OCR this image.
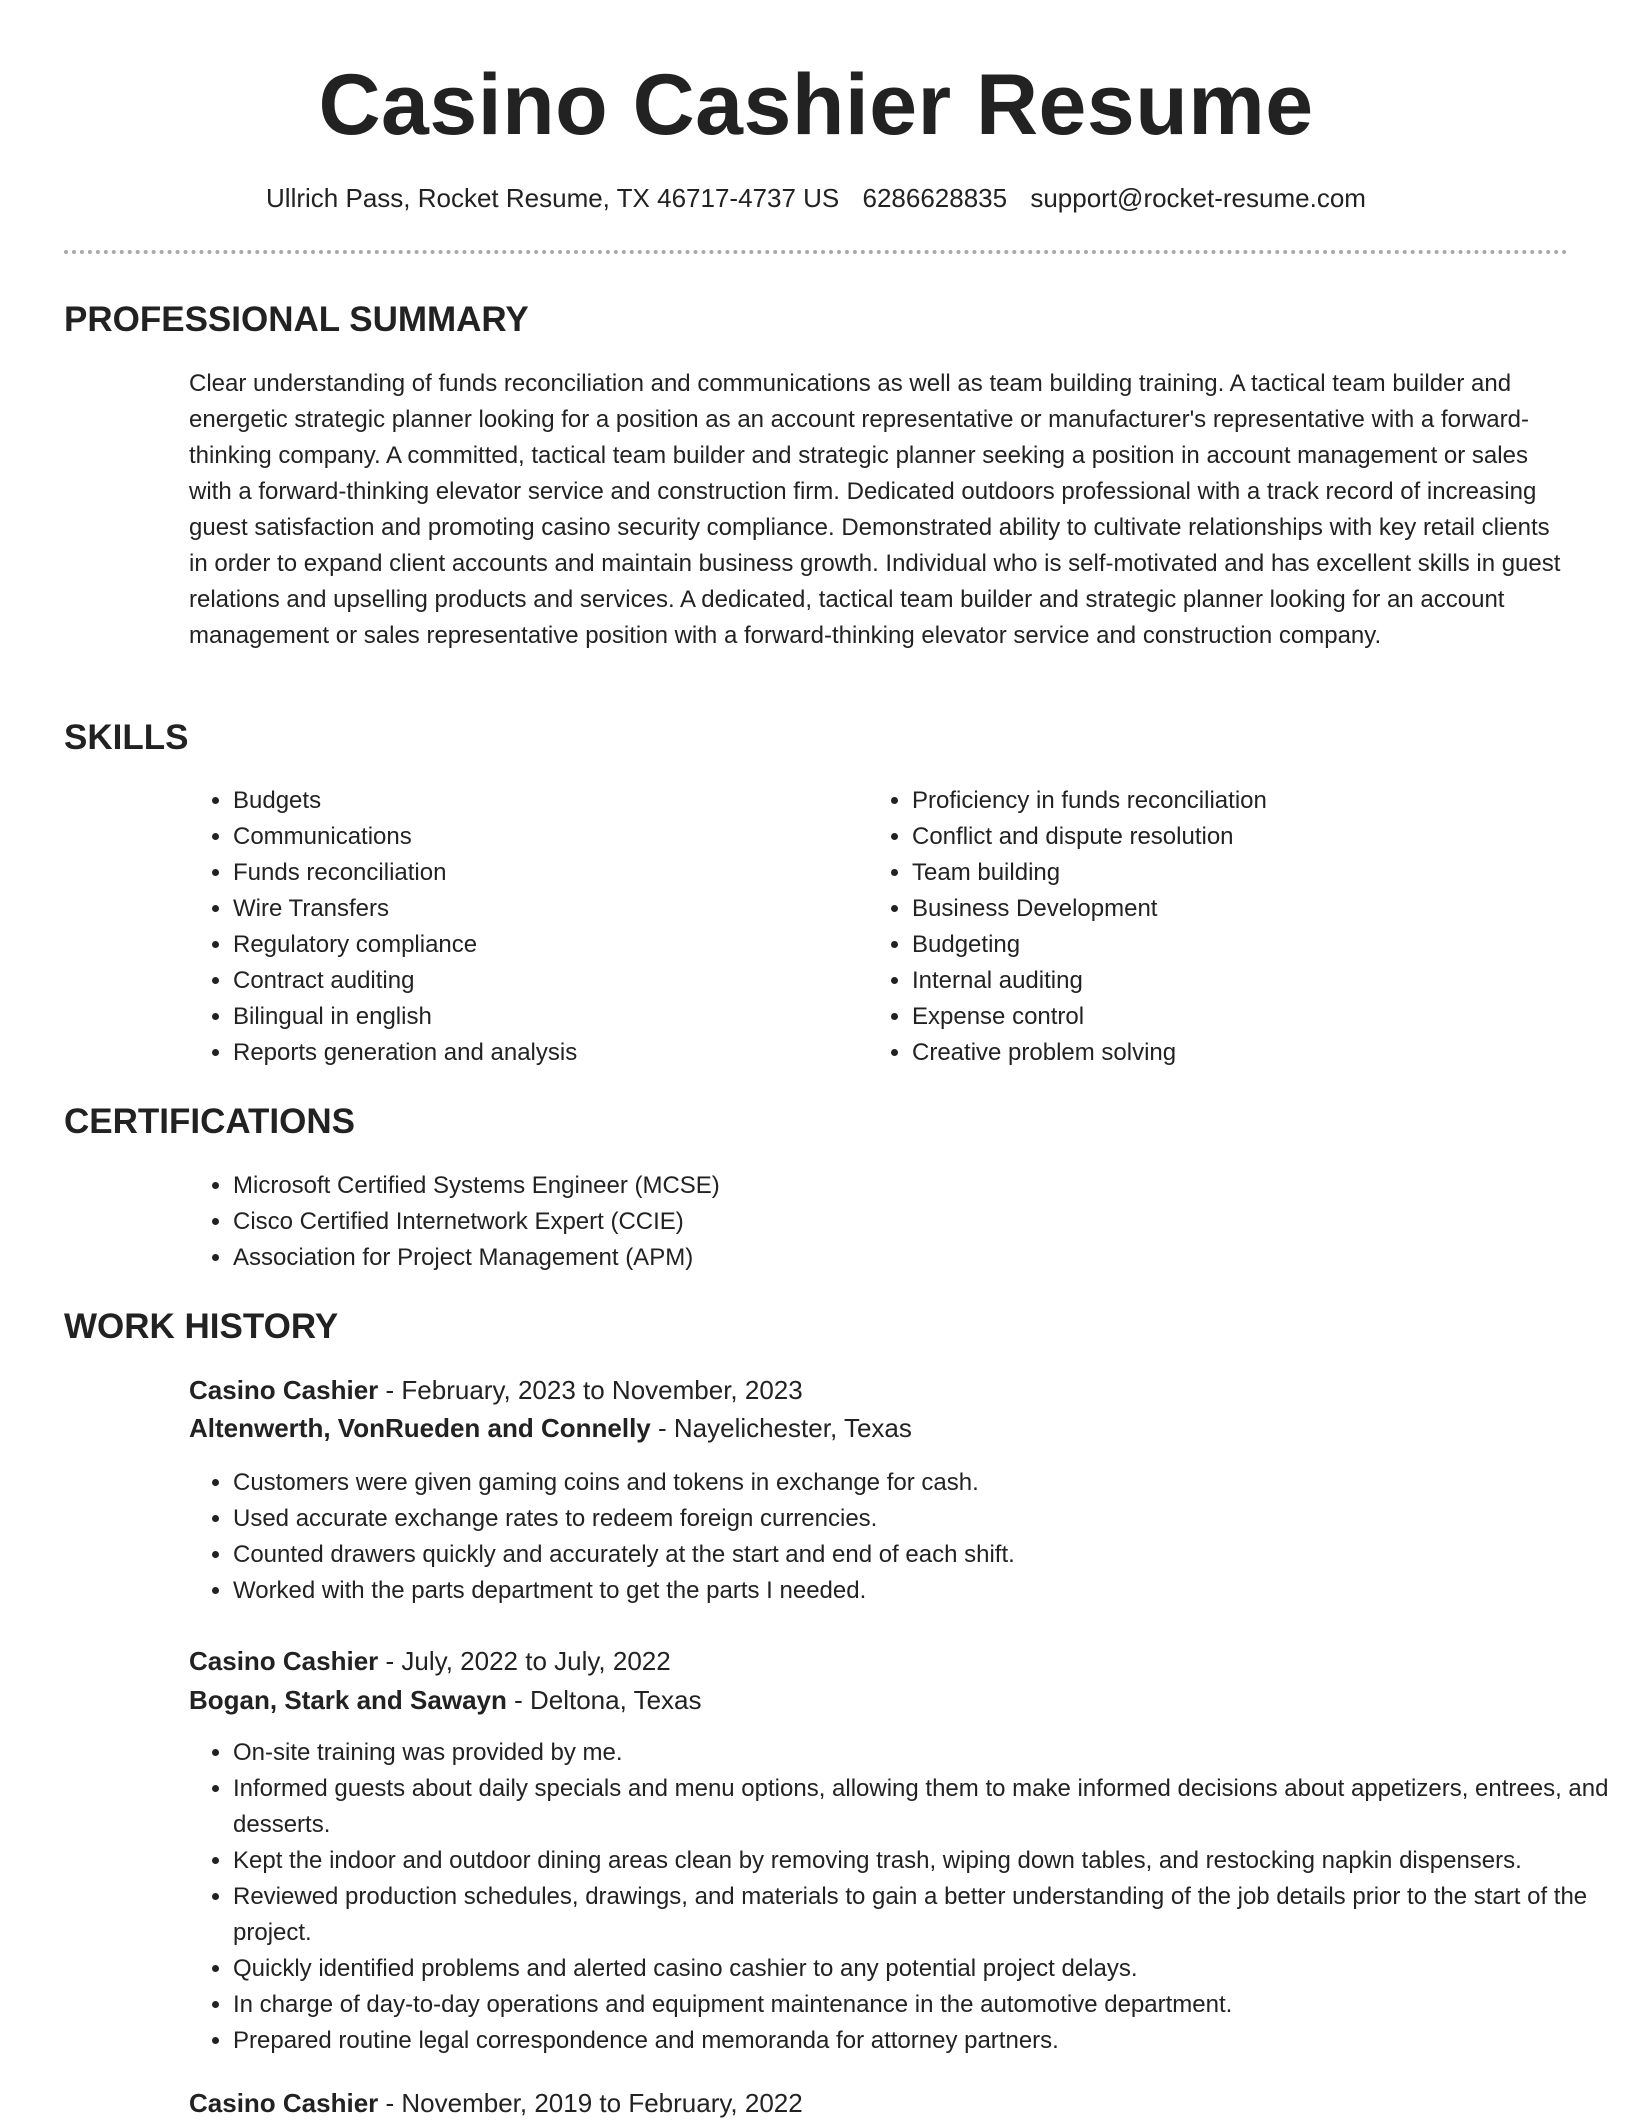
Casino Cashier Resume
Ullrich Pass, Rocket Resume, TX 46717-4737 US 6286628835 support@rocket-resume.com
PROFESSIONAL SUMMARY

Clear understanding of funds reconciliation and communications as well as team building training. A tactical team builder and energetic strategic planner looking for a position as an account representative or manufacturer's representative with a forward-thinking company. A committed, tactical team builder and strategic planner seeking a position in account management or sales with a forward-thinking elevator service and construction firm. Dedicated outdoors professional with a track record of increasing guest satisfaction and promoting casino security compliance. Demonstrated ability to cultivate relationships with key retail clients in order to expand client accounts and maintain business growth. Individual who is self-motivated and has excellent skills in guest relations and upselling products and services. A dedicated, tactical team builder and strategic planner looking for an account management or sales representative position with a forward-thinking elevator service and construction company.

SKILLS
• Budgets
• Communications
• Funds reconciliation
• Wire Transfers
• Regulatory compliance
• Contract auditing
• Bilingual in english
• Reports generation and analysis
• Proficiency in funds reconciliation
• Conflict and dispute resolution
• Team building
• Business Development
• Budgeting
• Internal auditing
• Expense control
• Creative problem solving
CERTIFICATIONS
• Microsoft Certified Systems Engineer (MCSE)
• Cisco Certified Internetwork Expert (CCIE)
• Association for Project Management (APM)
WORK HISTORY
Casino Cashier - February, 2023 to November, 2023
Altenwerth, VonRueden and Connelly - Nayelichester, Texas
• Customers were given gaming coins and tokens in exchange for cash.
• Used accurate exchange rates to redeem foreign currencies.
• Counted drawers quickly and accurately at the start and end of each shift.
• Worked with the parts department to get the parts I needed.
Casino Cashier - July, 2022 to July, 2022
Bogan, Stark and Sawayn - Deltona, Texas
• On-site training was provided by me.
• Informed guests about daily specials and menu options, allowing them to make informed decisions about appetizers, entrees, and desserts.
• Kept the indoor and outdoor dining areas clean by removing trash, wiping down tables, and restocking napkin dispensers.
• Reviewed production schedules, drawings, and materials to gain a better understanding of the job details prior to the start of the project.
• Quickly identified problems and alerted casino cashier to any potential project delays.
• In charge of day-to-day operations and equipment maintenance in the automotive department.
• Prepared routine legal correspondence and memoranda for attorney partners.
Casino Cashier - November, 2019 to February, 2022
